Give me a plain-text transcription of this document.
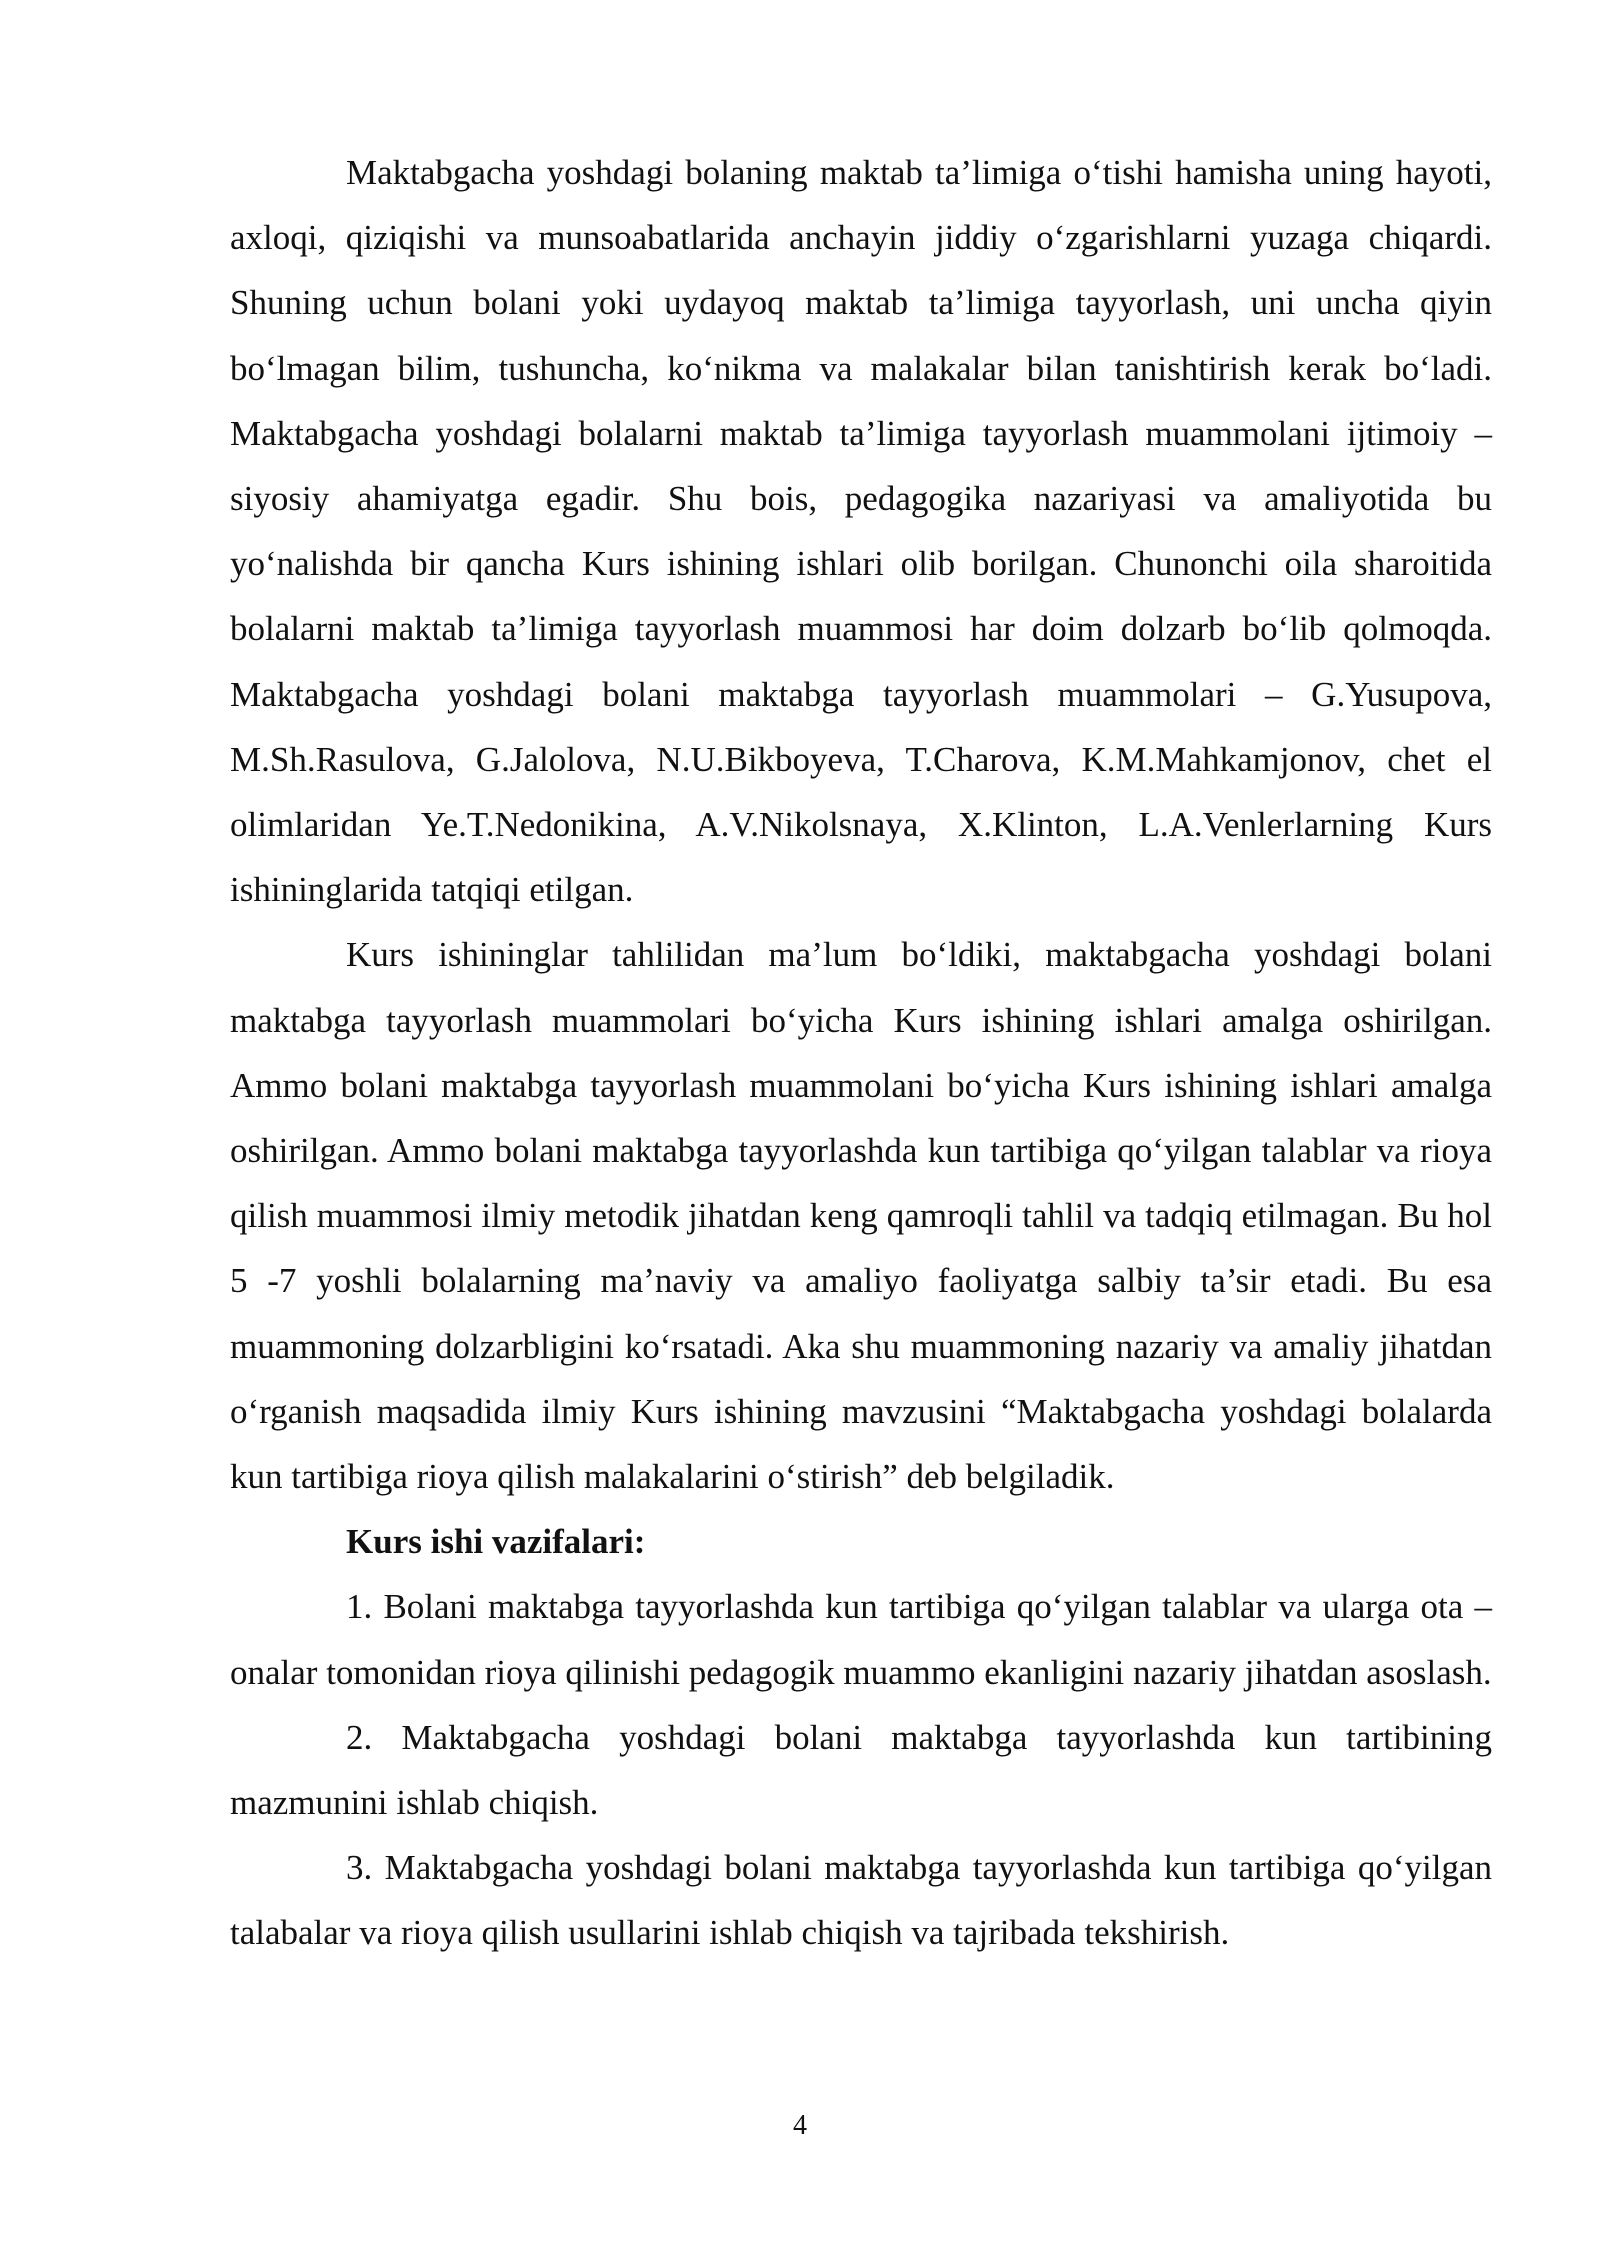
Maktabgacha yoshdagi bolaning maktab ta’limiga o‘tishi hamisha uning hayoti, axloqi, qiziqishi va munsoabatlarida anchayin jiddiy o‘zgarishlarni yuzaga chiqardi. Shuning uchun bolani yoki uydayoq maktab ta’limiga tayyorlash, uni uncha qiyin bo‘lmagan bilim, tushuncha, ko‘nikma va malakalar bilan tanishtirish kerak bo‘ladi. Maktabgacha yoshdagi bolalarni maktab ta’limiga tayyorlash muammolani ijtimoiy –siyosiy ahamiyatga egadir. Shu bois, pedagogika nazariyasi va amaliyotida bu yo‘nalishda bir qancha Kurs ishining ishlari olib borilgan. Chunonchi oila sharoitida bolalarni maktab ta’limiga tayyorlash muammosi har doim dolzarb bo‘lib qolmoqda. Maktabgacha yoshdagi bolani maktabga tayyorlash muammolari – G.Yusupova, M.Sh.Rasulova, G.Jalolova, N.U.Bikboyeva, T.Charova, K.M.Mahkamjonov, chet el olimlaridan Ye.T.Nedonikina, A.V.Nikolsnaya, X.Klinton, L.A.Venlerlarning Kurs ishininglarida tatqiqi etilgan.

Kurs ishininglar tahlilidan ma’lum bo‘ldiki, maktabgacha yoshdagi bolani maktabga tayyorlash muammolari bo‘yicha Kurs ishining ishlari amalga oshirilgan. Ammo bolani maktabga tayyorlash muammolani bo‘yicha Kurs ishining ishlari amalga oshirilgan. Ammo bolani maktabga tayyorlashda kun tartibiga qo‘yilgan talablar va rioya qilish muammosi ilmiy metodik jihatdan keng qamroqli tahlil va tadqiq etilmagan. Bu hol 5 -7 yoshli bolalarning ma’naviy va amaliyo faoliyatga salbiy ta’sir etadi. Bu esa muammoning dolzarbligini ko‘rsatadi. Aka shu muammoning nazariy va amaliy jihatdan o‘rganish maqsadida ilmiy Kurs ishining mavzusini “Maktabgacha yoshdagi bolalarda kun tartibiga rioya qilish malakalarini o‘stirish” deb belgiladik.

Kurs ishi vazifalari:

1. Bolani maktabga tayyorlashda kun tartibiga qo‘yilgan talablar va ularga ota –onalar tomonidan rioya qilinishi pedagogik muammo ekanligini nazariy jihatdan asoslash.

2. Maktabgacha yoshdagi bolani maktabga tayyorlashda kun tartibining mazmunini ishlab chiqish.

3. Maktabgacha yoshdagi bolani maktabga tayyorlashda kun tartibiga qo‘yilgan talabalar va rioya qilish usullarini ishlab chiqish va tajribada tekshirish.

4
